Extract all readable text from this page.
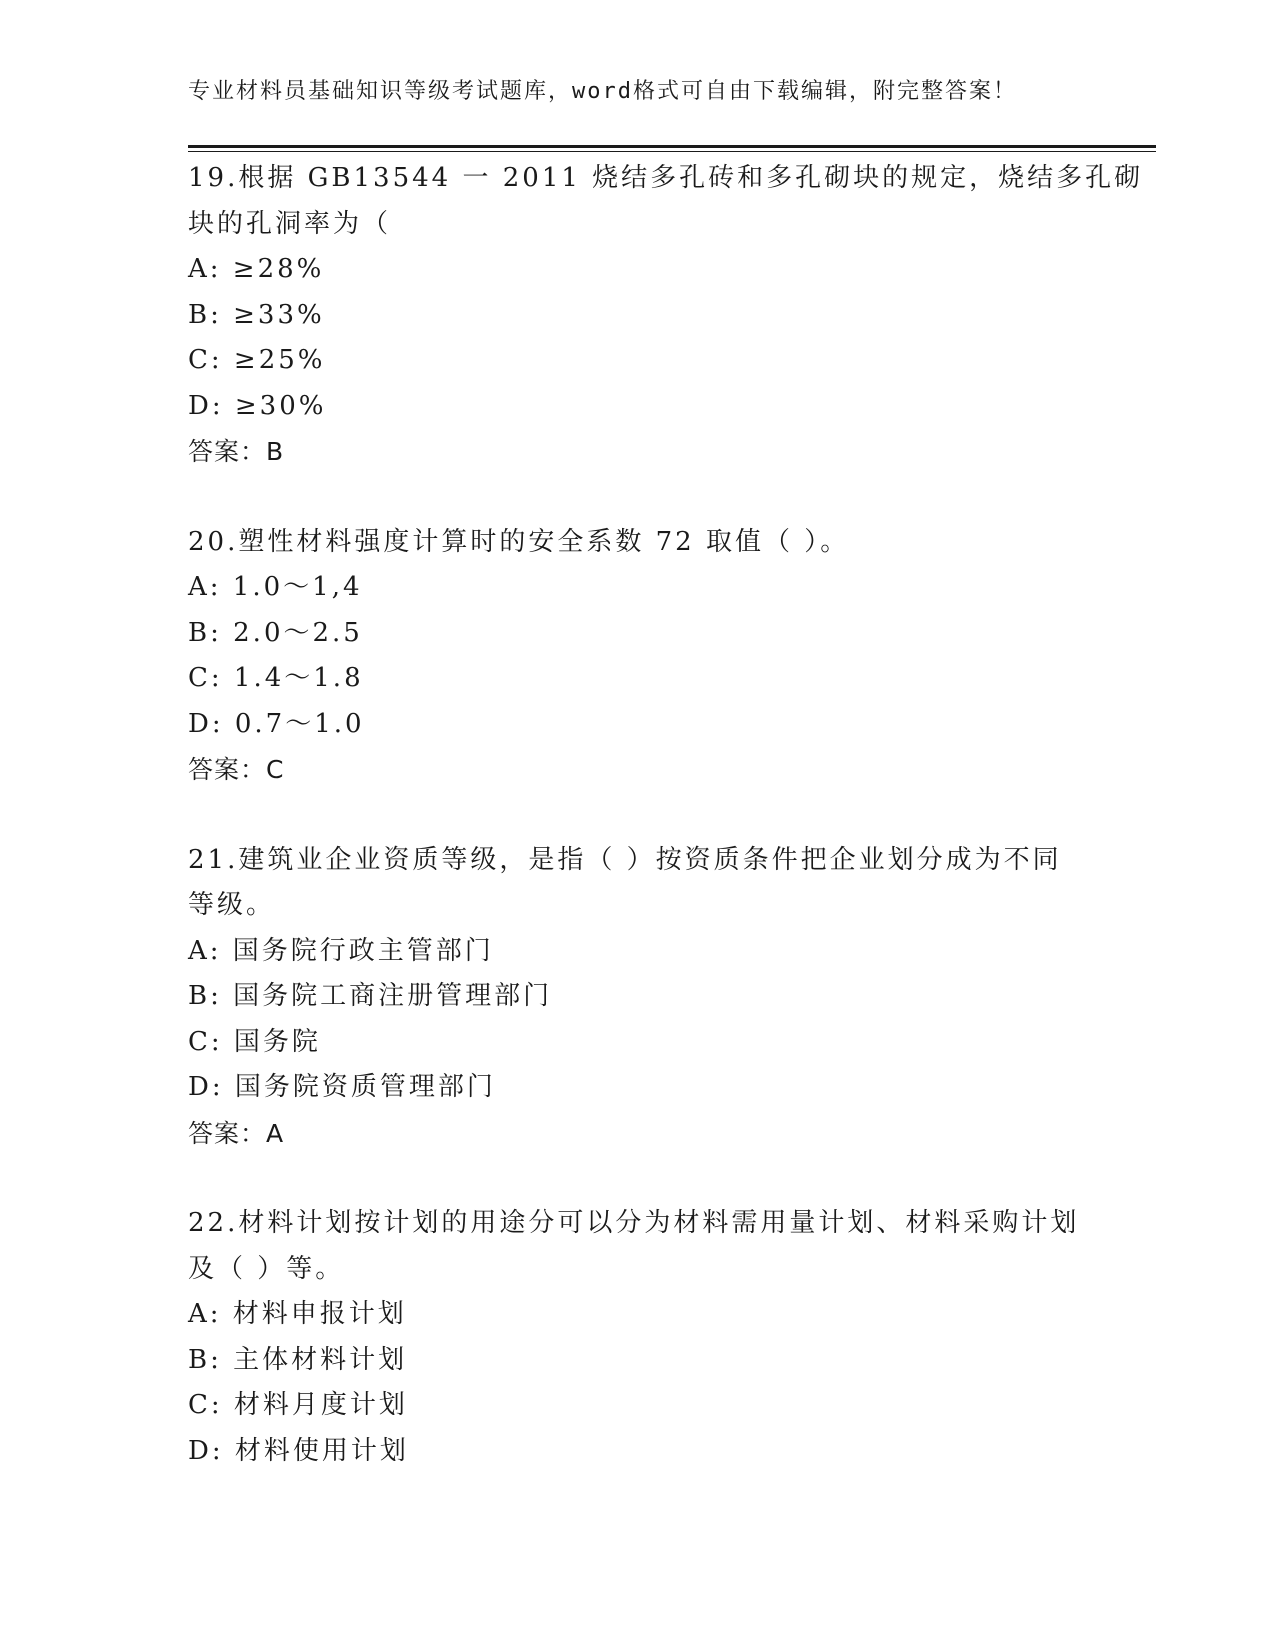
专业材料员基础知识等级考试题库，word格式可自由下载编辑，附完整答案！
19.根据 GB13544 一 2011 烧结多孔砖和多孔砌块的规定，烧结多孔砌
块的孔洞率为（
A: ≥28%
B: ≥33%
C: ≥25%
D: ≥30%
答案：B
20.塑性材料强度计算时的安全系数 72 取值（ ）。
A: 1.0～1,4
B: 2.0～2.5
C: 1.4～1.8
D: 0.7～1.0
答案：C
21.建筑业企业资质等级，是指（ ）按资质条件把企业划分成为不同
等级。
A: 国务院行政主管部门
B: 国务院工商注册管理部门
C: 国务院
D: 国务院资质管理部门
答案：A
22.材料计划按计划的用途分可以分为材料需用量计划、材料采购计划
及（ ）等。
A: 材料申报计划
B: 主体材料计划
C: 材料月度计划
D: 材料使用计划
